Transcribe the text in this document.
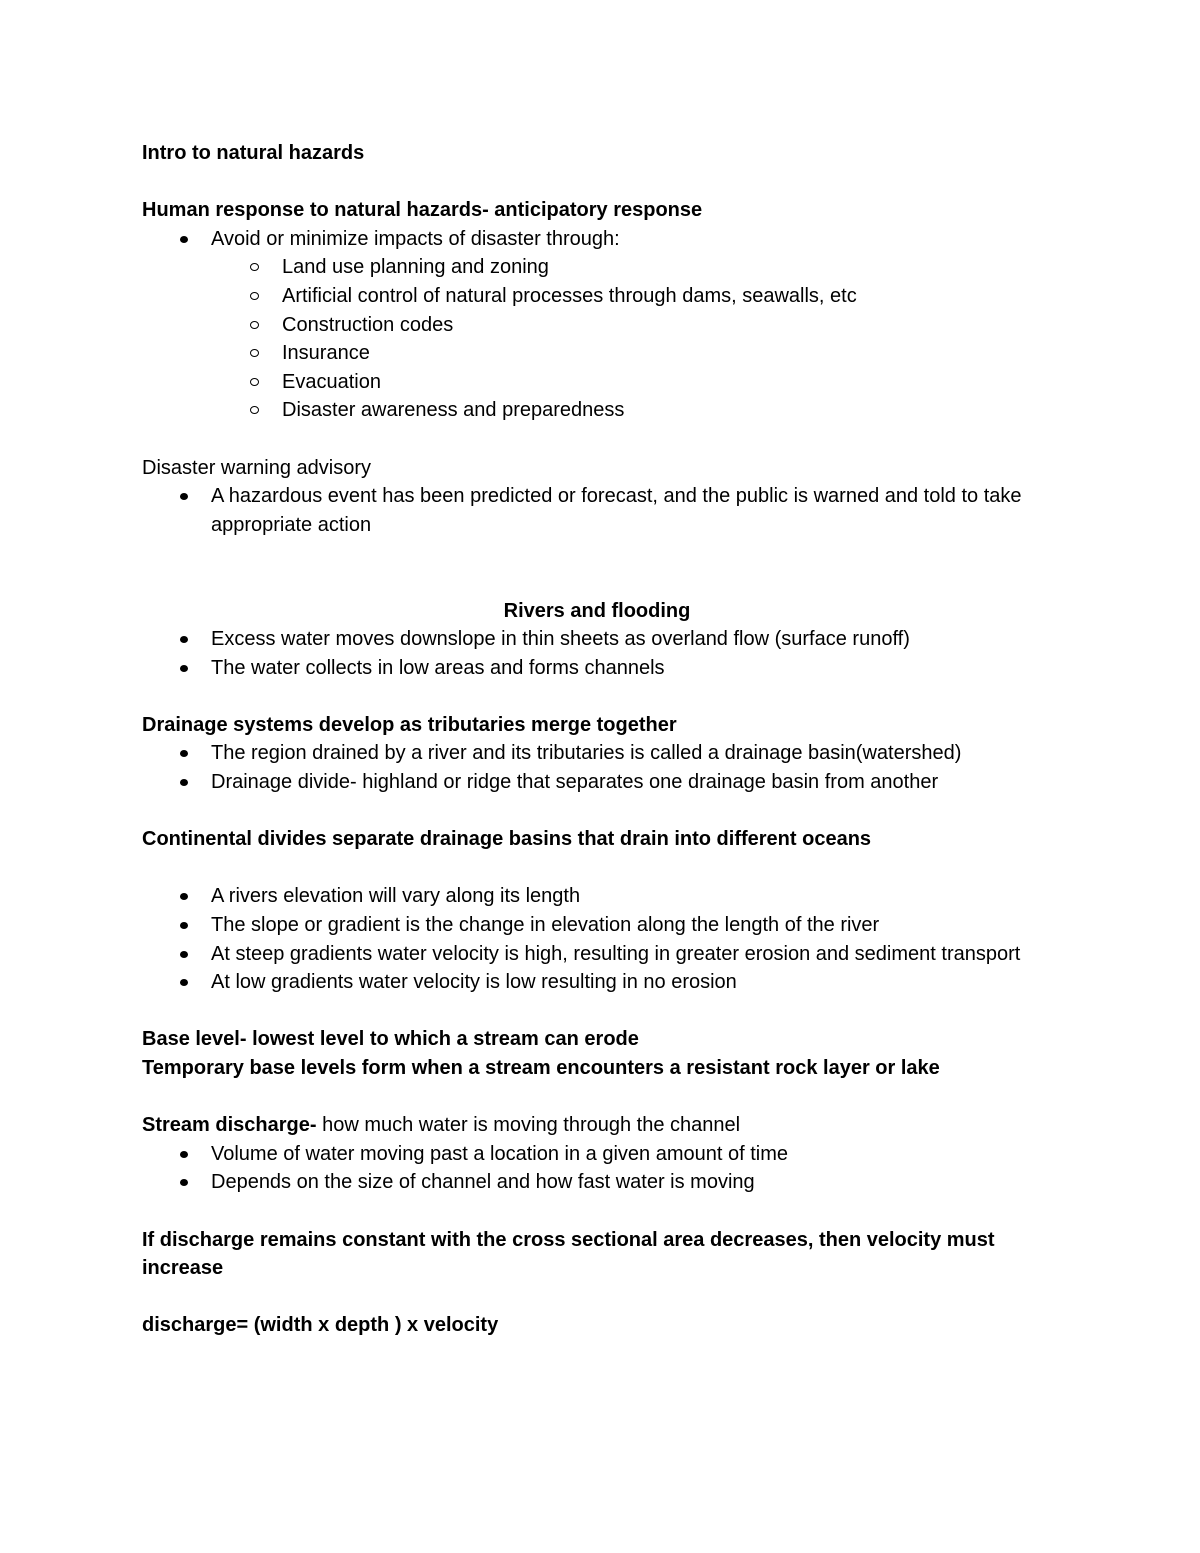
Intro to natural hazards

Human response to natural hazards- anticipatory response

Avoid or minimize impacts of disaster through:
Land use planning and zoning
Artificial control of natural processes through dams, seawalls, etc
Construction codes
Insurance
Evacuation
Disaster awareness and preparedness

Disaster warning advisory

A hazardous event has been predicted or forecast, and the public is warned and told to take appropriate action

Rivers and flooding

Excess water moves downslope in thin sheets as overland flow (surface runoff)
The water collects in low areas and forms channels

Drainage systems develop as tributaries merge together

The region drained by a river and its tributaries is called a drainage basin(watershed)
Drainage divide- highland or ridge that separates one drainage basin from another

Continental divides separate drainage basins that drain into different oceans

A rivers elevation will vary along its length
The slope or gradient is the change in elevation along the length of the river
At steep gradients water velocity is high, resulting in greater erosion and sediment transport
At low gradients water velocity is low resulting in no erosion

Base level- lowest level to which a stream can erode

Temporary base levels form when a stream encounters a resistant rock layer or lake

Stream discharge- how much water is moving through the channel

Volume of water moving past a location in a given amount of time
Depends on the size of channel and how fast water is moving

If discharge remains constant with the cross sectional area decreases, then velocity must increase

discharge= (width x depth ) x velocity
